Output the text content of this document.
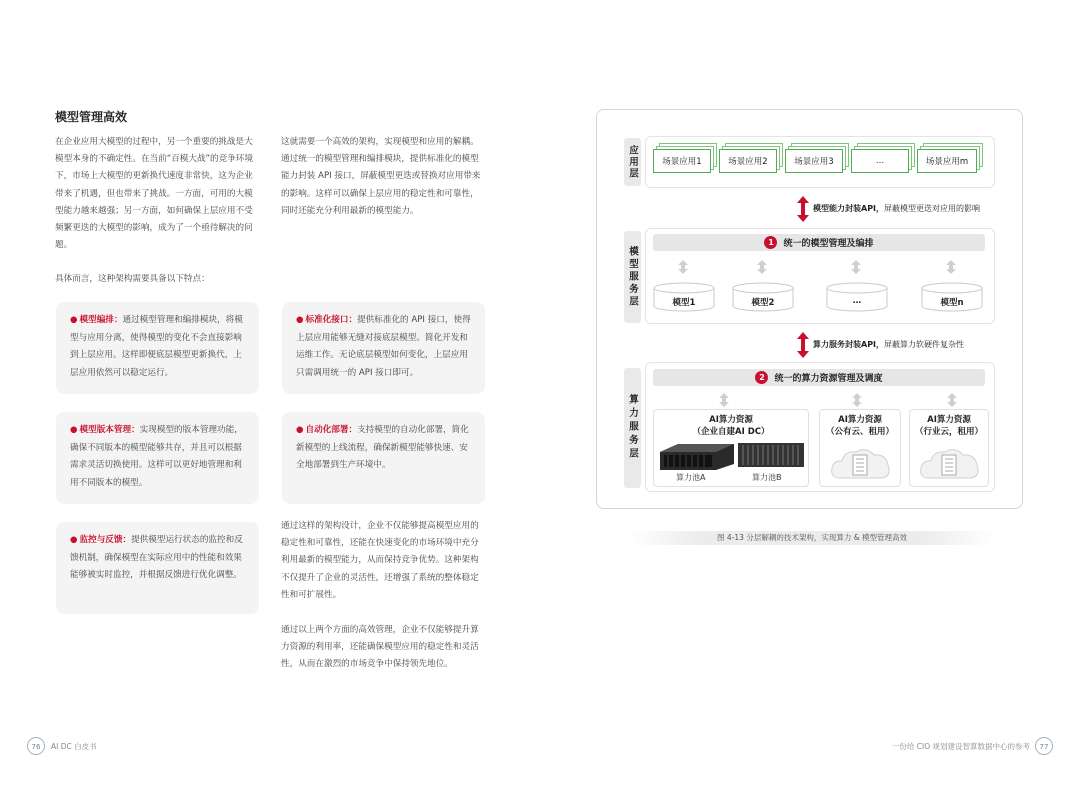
模型管理高效
在企业应用大模型的过程中，另一个重要的挑战是大模型本身的不确定性。在当前“百模大战”的竞争环境下，市场上大模型的更新换代速度非常快，这为企业带来了机遇，但也带来了挑战。一方面，可用的大模型能力越来越强；另一方面，如何确保上层应用不受频繁更迭的大模型的影响，成为了一个亟待解决的问题。
具体而言，这种架构需要具备以下特点：
这就需要一个高效的架构，实现模型和应用的解耦。通过统一的模型管理和编排模块，提供标准化的模型能力封装 API 接口，屏蔽模型更迭或替换对应用带来的影响。这样可以确保上层应用的稳定性和可靠性，同时还能充分利用最新的模型能力。
● 模型编排：通过模型管理和编排模块，将模型与应用分离，使得模型的变化不会直接影响到上层应用。这样即便底层模型更新换代，上层应用依然可以稳定运行。
● 标准化接口：提供标准化的 API 接口，使得上层应用能够无缝对接底层模型。简化开发和运维工作。无论底层模型如何变化，上层应用只需调用统一的 API 接口即可。
● 模型版本管理：实现模型的版本管理功能，确保不同版本的模型能够共存，并且可以根据需求灵活切换使用。这样可以更好地管理和利用不同版本的模型。
● 自动化部署：支持模型的自动化部署，简化新模型的上线流程，确保新模型能够快速、安全地部署到生产环境中。
● 监控与反馈：提供模型运行状态的监控和反馈机制，确保模型在实际应用中的性能和效果能够被实时监控，并根据反馈进行优化调整。
通过这样的架构设计，企业不仅能够提高模型应用的稳定性和可靠性，还能在快速变化的市场环境中充分利用最新的模型能力，从而保持竞争优势。这种架构不仅提升了企业的灵活性，还增强了系统的整体稳定性和可扩展性。
通过以上两个方面的高效管理，企业不仅能够提升算力资源的利用率，还能确保模型应用的稳定性和灵活性，从而在激烈的市场竞争中保持领先地位。
应用层	场景应用1	场景应用2	场景应用3	…	场景应用m
模型能力封装API，屏蔽模型更迭对应用的影响
模型服务层
1	统一的模型管理及编排
模型1	模型2	…	模型n
算力服务封装API，屏蔽算力软硬件复杂性
算力服务层
2	统一的算力资源管理及调度
AI算力资源
（企业自建AI DC）
算力池A	算力池B
AI算力资源
（公有云、租用）
AI算力资源
（行业云，租用）
图 4-13 分层解耦的技术架构，实现算力 & 模型管理高效
76	AI DC 白皮书	一份给 CIO 规划建设智算数据中心的参考	77
